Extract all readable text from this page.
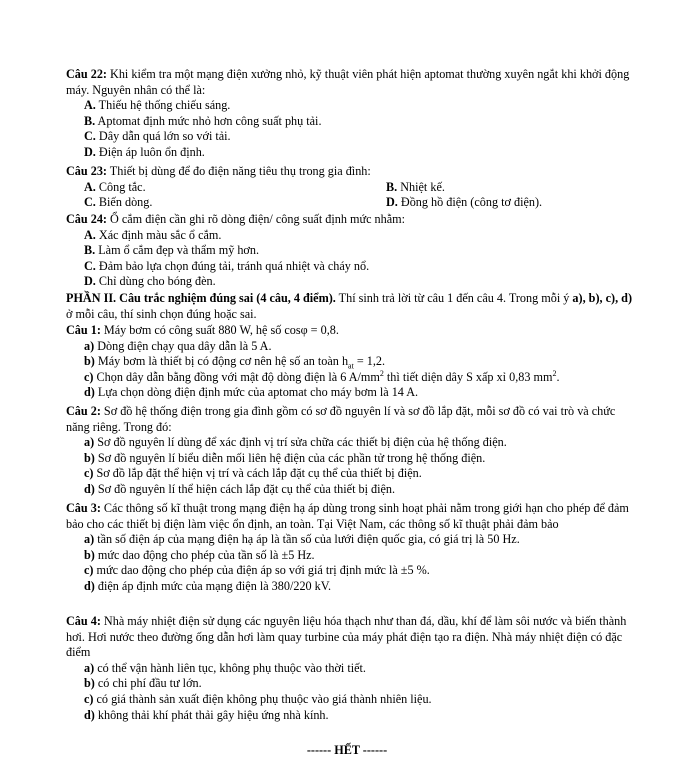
Câu 22: Khi kiểm tra một mạng điện xưởng nhỏ, kỹ thuật viên phát hiện aptomat thường xuyên ngắt khi khởi động máy. Nguyên nhân có thể là:
A. Thiếu hệ thống chiếu sáng.
B. Aptomat định mức nhỏ hơn công suất phụ tải.
C. Dây dẫn quá lớn so với tải.
D. Điện áp luôn ổn định.
Câu 23: Thiết bị dùng để đo điện năng tiêu thụ trong gia đình:
A. Công tắc.	B. Nhiệt kế.
C. Biến dòng.	D. Đồng hồ điện (công tơ điện).
Câu 24: Ổ cắm điện cần ghi rõ dòng điện/ công suất định mức nhằm:
A. Xác định màu sắc ổ cắm.
B. Làm ổ cắm đẹp và thẩm mỹ hơn.
C. Đảm bảo lựa chọn đúng tải, tránh quá nhiệt và cháy nổ.
D. Chỉ dùng cho bóng đèn.
PHẦN II. Câu trắc nghiệm đúng sai (4 câu, 4 điểm). Thí sinh trả lời từ câu 1 đến câu 4. Trong mỗi ý a), b), c), d) ở mỗi câu, thí sinh chọn đúng hoặc sai.
Câu 1: Máy bơm có công suất 880 W, hệ số cosφ = 0,8.
a) Dòng điện chạy qua dây dẫn là 5 A.
b) Máy bơm là thiết bị có động cơ nên hệ số an toàn $h_{at} = 1,2$.
c) Chọn dây dẫn bằng đồng với mật độ dòng điện là 6 $A/mm^2$ thì tiết diện dây S xấp xỉ 0,83 $mm^2$.
d) Lựa chọn dòng điện định mức của aptomat cho máy bơm là 14 A.
Câu 2: Sơ đồ hệ thống điện trong gia đình gồm có sơ đồ nguyên lí và sơ đồ lắp đặt, mỗi sơ đồ có vai trò và chức năng riêng. Trong đó:
a) Sơ đồ nguyên lí dùng để xác định vị trí sửa chữa các thiết bị điện của hệ thống điện.
b) Sơ đồ nguyên lí biểu diễn mối liên hệ điện của các phần tử trong hệ thống điện.
c) Sơ đồ lắp đặt thể hiện vị trí và cách lắp đặt cụ thể của thiết bị điện.
d) Sơ đồ nguyên lí thể hiện cách lắp đặt cụ thể của thiết bị điện.
Câu 3: Các thông số kĩ thuật trong mạng điện hạ áp dùng trong sinh hoạt phải nằm trong giới hạn cho phép để đảm bảo cho các thiết bị điện làm việc ổn định, an toàn. Tại Việt Nam, các thông số kĩ thuật phải đảm bảo
a) tần số điện áp của mạng điện hạ áp là tần số của lưới điện quốc gia, có giá trị là 50 Hz.
b) mức dao động cho phép của tần số là ±5 Hz.
c) mức dao động cho phép của điện áp so với giá trị định mức là ±5 %.
d) điện áp định mức của mạng điện là 380/220 kV.
Câu 4: Nhà máy nhiệt điện sử dụng các nguyên liệu hóa thạch như than đá, dầu, khí để làm sôi nước và biến thành hơi. Hơi nước theo đường ống dẫn hơi làm quay turbine của máy phát điện tạo ra điện. Nhà máy nhiệt điện có đặc điểm
a) có thể vận hành liên tục, không phụ thuộc vào thời tiết.
b) có chi phí đầu tư lớn.
c) có giá thành sản xuất điện không phụ thuộc vào giá thành nhiên liệu.
d) không thải khí phát thải gây hiệu ứng nhà kính.
------ HẾT ------
